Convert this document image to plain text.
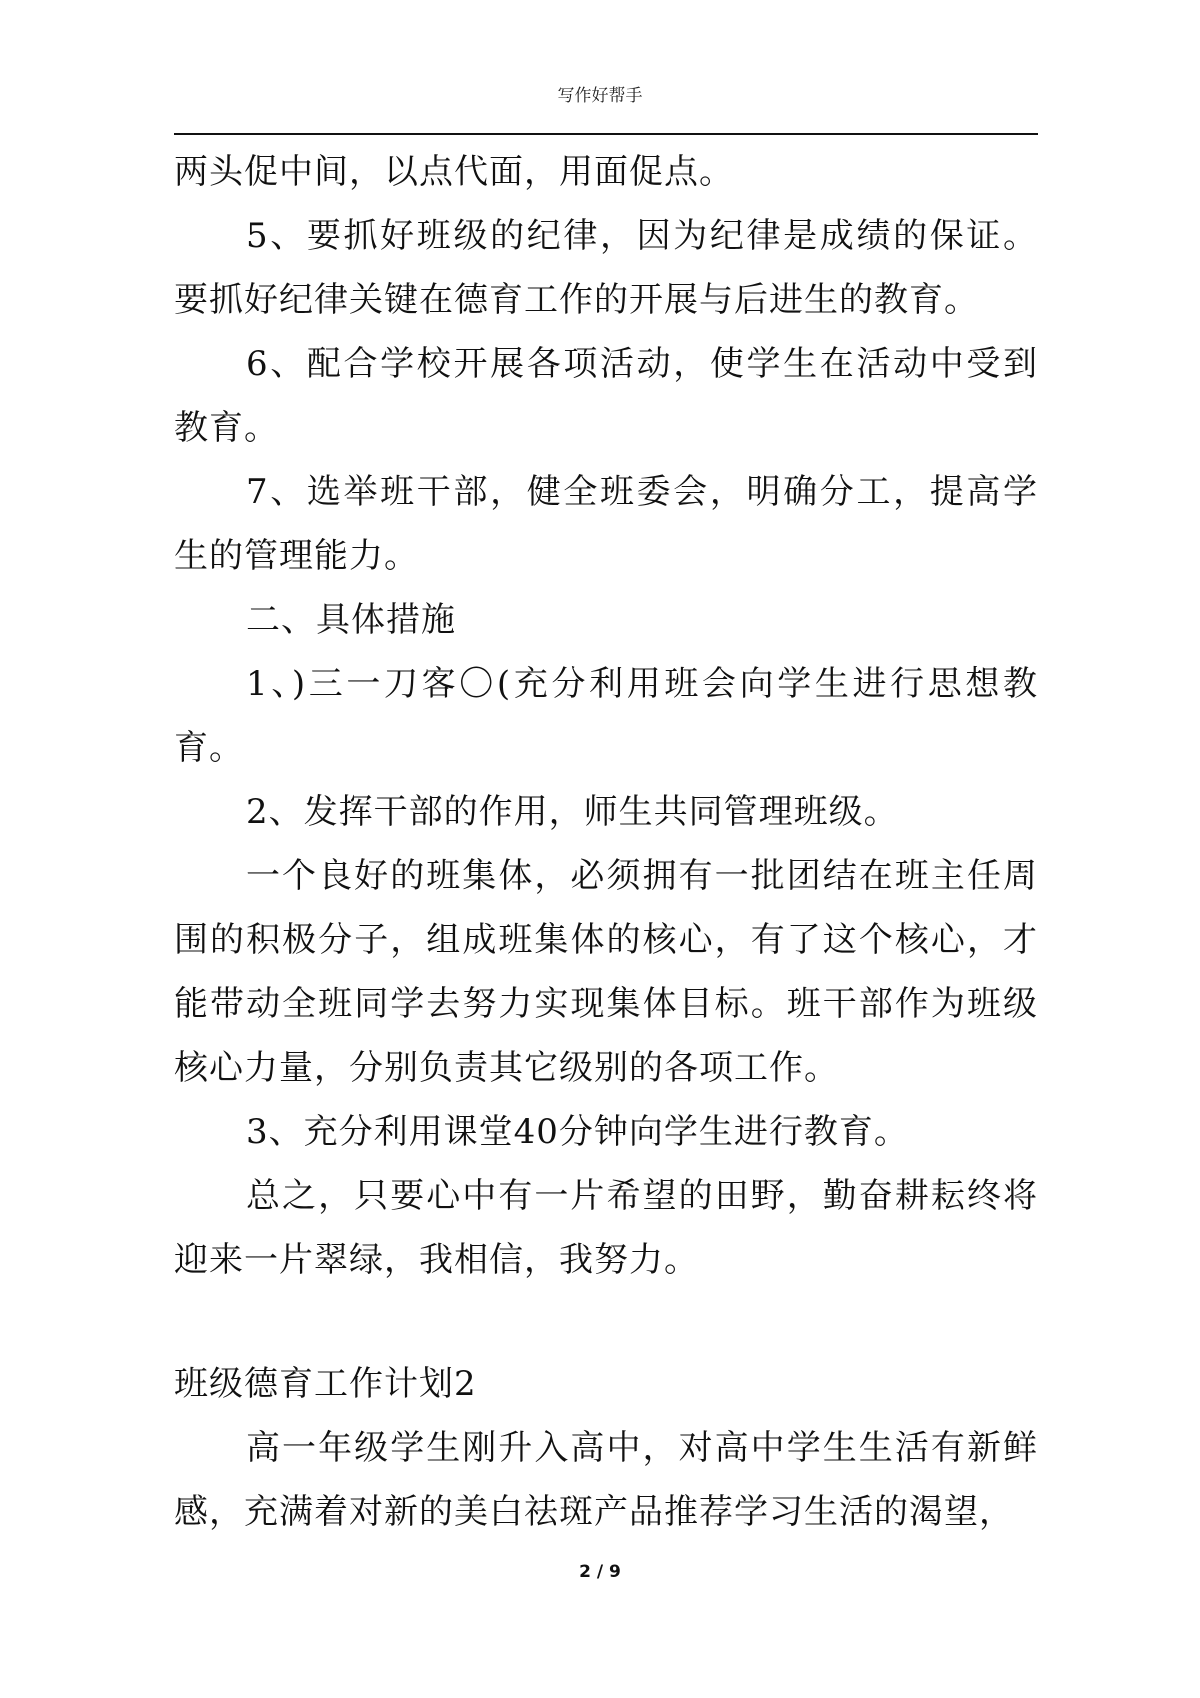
写作好帮手

两头促中间，以点代面，用面促点。

5、要抓好班级的纪律，因为纪律是成绩的保证。要抓好纪律关键在德育工作的开展与后进生的教育。

6、配合学校开展各项活动，使学生在活动中受到教育。

7、选举班干部，健全班委会，明确分工，提高学生的管理能力。

二、具体措施

1、)三一刀客〇(充分利用班会向学生进行思想教育。

2、发挥干部的作用，师生共同管理班级。

一个良好的班集体，必须拥有一批团结在班主任周围的积极分子，组成班集体的核心，有了这个核心，才能带动全班同学去努力实现集体目标。班干部作为班级核心力量，分别负责其它级别的各项工作。

3、充分利用课堂40分钟向学生进行教育。

总之，只要心中有一片希望的田野，勤奋耕耘终将迎来一片翠绿，我相信，我努力。

班级德育工作计划2

高一年级学生刚升入高中，对高中学生生活有新鲜感，充满着对新的美白祛斑产品推荐学习生活的渴望，

2 / 9
